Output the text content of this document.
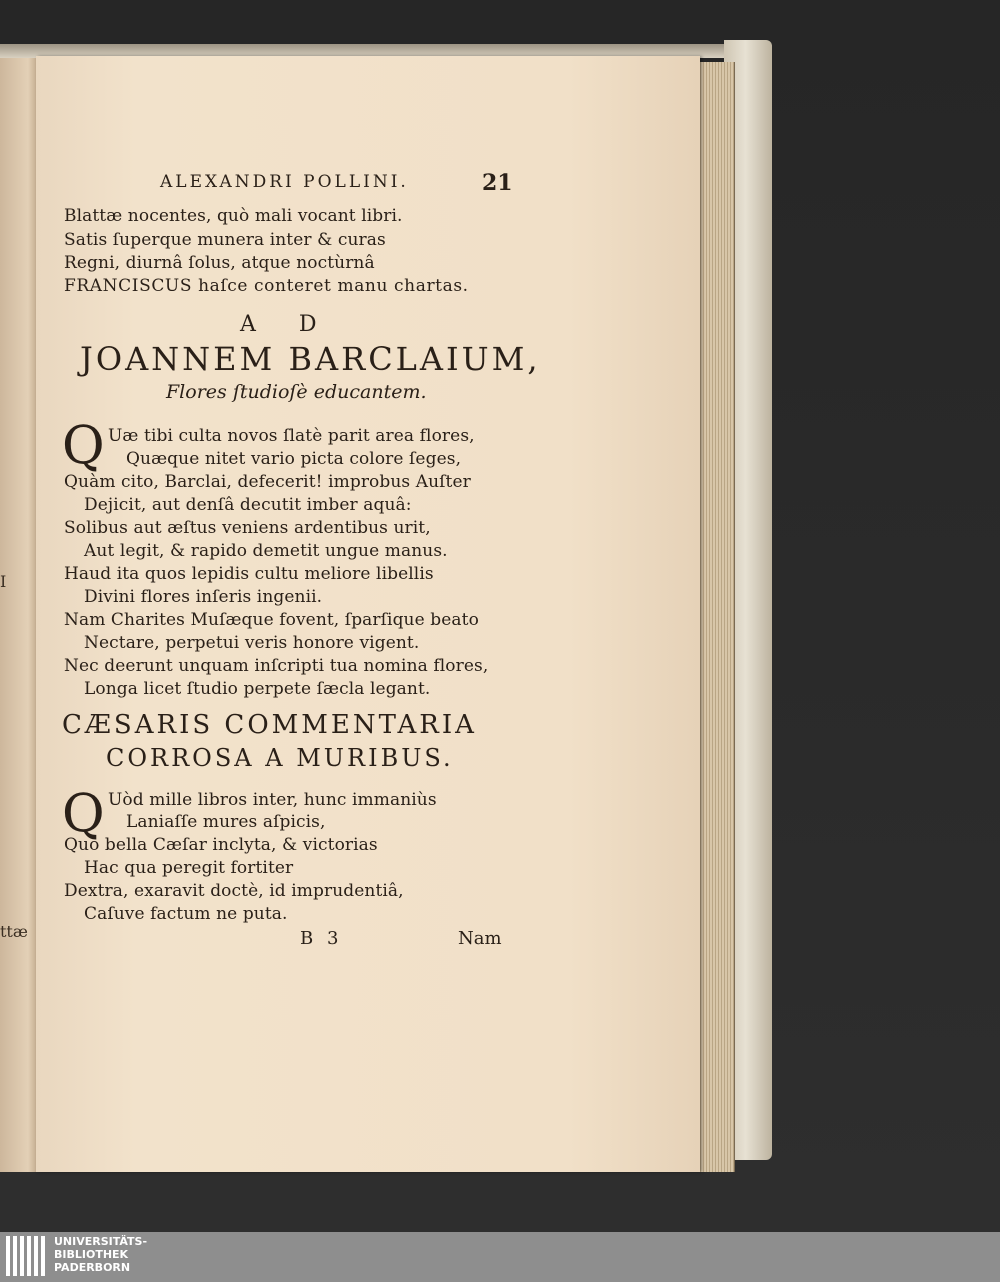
I
ttæ
ALEXANDRI POLLINI.	21
Blattæ nocentes, quò mali vocant libri.
Satis ſuperque munera inter & curas
Regni, diurnâ ſolus, atque noctùrnâ
FRANCISCUS haſce conteret manu chartas.
A D
JOANNEM BARCLAIUM,
Flores ſtudioſè educantem.
Q Uæ tibi culta novos ſlatè parit area flores,
Quæque nitet vario picta colore ſeges,
Quàm cito, Barclai, defecerit! improbus Auſter
Dejicit, aut denſâ decutit imber aquâ:
Solibus aut æſtus veniens ardentibus urit,
Aut legit, & rapido demetit ungue manus.
Haud ita quos lepidis cultu meliore libellis
Divini flores inſeris ingenii.
Nam Charites Muſæque fovent, ſparſique beato
Nectare, perpetui veris honore vigent.
Nec deerunt unquam inſcripti tua nomina flores,
Longa licet ſtudio perpete ſæcla legant.
CÆSARIS COMMENTARIA
CORROSA A MURIBUS.
Q Uòd mille libros inter, hunc immaniùs
Laniaſſe mures aſpicis,
Quo bella Cæſar inclyta, & victorias
Hac qua peregit fortiter
Dextra, exaravit doctè, id imprudentiâ,
Caſuve factum ne puta.
B 3	Nam
UNIVERSITÄTS-
BIBLIOTHEK
PADERBORN
